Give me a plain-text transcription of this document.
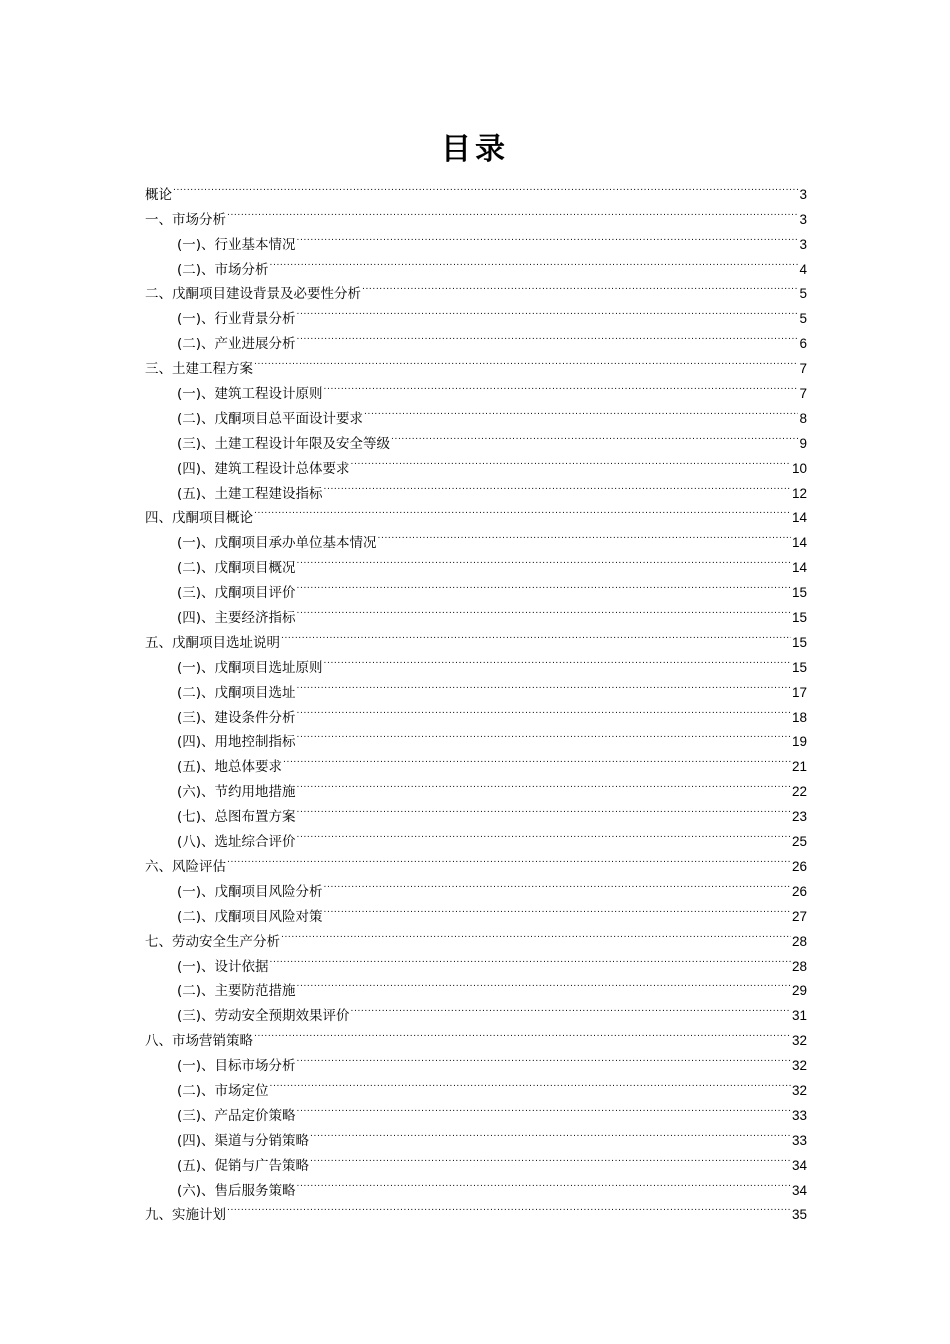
目录
概论 .....	3
一、市场分析 .....	3
(一)、行业基本情况 .....	3
(二)、市场分析 .....	4
二、戊酮项目建设背景及必要性分析 .....	5
(一)、行业背景分析 .....	5
(二)、产业进展分析 .....	6
三、土建工程方案 .....	7
(一)、建筑工程设计原则 .....	7
(二)、戊酮项目总平面设计要求 .....	8
(三)、土建工程设计年限及安全等级 .....	9
(四)、建筑工程设计总体要求 .....	10
(五)、土建工程建设指标 .....	12
四、戊酮项目概论 .....	14
(一)、戊酮项目承办单位基本情况 .....	14
(二)、戊酮项目概况 .....	14
(三)、戊酮项目评价 .....	15
(四)、主要经济指标 .....	15
五、戊酮项目选址说明 .....	15
(一)、戊酮项目选址原则 .....	15
(二)、戊酮项目选址 .....	17
(三)、建设条件分析 .....	18
(四)、用地控制指标 .....	19
(五)、地总体要求 .....	21
(六)、节约用地措施 .....	22
(七)、总图布置方案 .....	23
(八)、选址综合评价 .....	25
六、风险评估 .....	26
(一)、戊酮项目风险分析 .....	26
(二)、戊酮项目风险对策 .....	27
七、劳动安全生产分析 .....	28
(一)、设计依据 .....	28
(二)、主要防范措施 .....	29
(三)、劳动安全预期效果评价 .....	31
八、市场营销策略 .....	32
(一)、目标市场分析 .....	32
(二)、市场定位 .....	32
(三)、产品定价策略 .....	33
(四)、渠道与分销策略 .....	33
(五)、促销与广告策略 .....	34
(六)、售后服务策略 .....	34
九、实施计划 .....	35
